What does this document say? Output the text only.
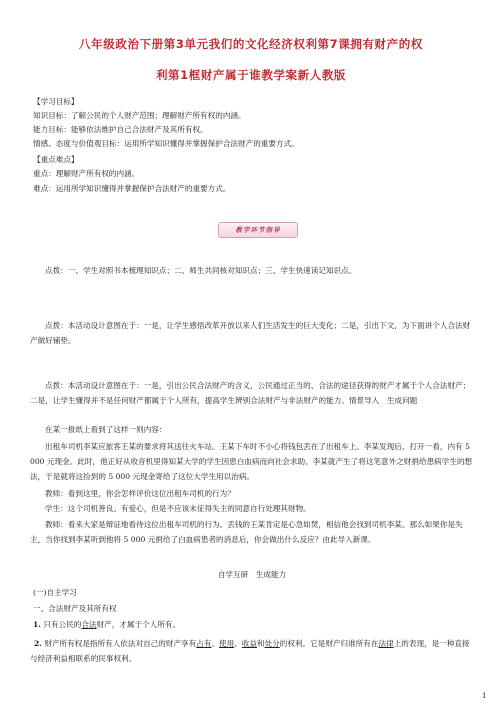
八年级政治下册第3单元我们的文化经济权利第7课拥有财产的权
利第1框财产属于谁教学案新人教版
【学习目标】
知识目标：了解公民的个人财产范围；理解财产所有权的内涵。
能力目标：能够依法维护自己合法财产及其所有权。
情感、态度与价值观目标：运用所学知识懂得并掌握保护合法财产的重要方式。
【重点难点】
重点：理解财产所有权的内涵。
难点：运用所学知识懂得并掌握保护合法财产的重要方式。
教学环节指导
点拨：一、学生对照书本梳理知识点；二、师生共同核对知识点；三、学生快速读记知识点。
点拨：本活动设计意图在于：一是，让学生感悟改革开放以来人们生活发生的巨大变化；二是，引出下文，为下面讲个人合法财产做好铺垫。
点拨：本活动设计意图在于：一是，引出公民合法财产的含义，公民通过正当的、合法的途径获得的财产才属于个人合法财产；二是，让学生懂得并不是任何财产都属于个人所有，提高学生辨别合法财产与非法财产的能力。情景导入　生成问题
在某一报纸上看到了这样一则内容：
出租车司机李某应旅客王某的要求将其送往火车站。王某下车时不小心将钱包丢在了出租车上。李某发现后，打开一看，内有 5 000 元现金。此时，他正好从收音机里得知某大学的学生因患白血病而向社会求助。李某就产生了将这笔意外之财捐给患病学生的想法，于是就将这捡到的 5 000 元现金寄给了这位大学生用以治病。
教师：看到这里，你会怎样评价这位出租车司机的行为？
学生：这个司机善良、有爱心，但是不应该未征得失主的同意自行处理其财物。
教师：看来大家是辩证地看待这位出租车司机的行为。丢钱的王某肯定是心急如焚，相信他会找到司机李某。那么如果你是失主，当你找到李某听到他将 5 000 元捐给了白血病患者的消息后，你会做出什么反应？由此导入新课。
自学互研　生成能力
(一)自主学习
一、合法财产及其所有权
1. 只有公民的合法财产，才属于个人所有。
2. 财产所有权是指所有人依法对自己的财产享有占有、使用、收益和处分的权利。它是财产归谁所有在法律上的表现，是一种直接与经济利益相联系的民事权利。
1
